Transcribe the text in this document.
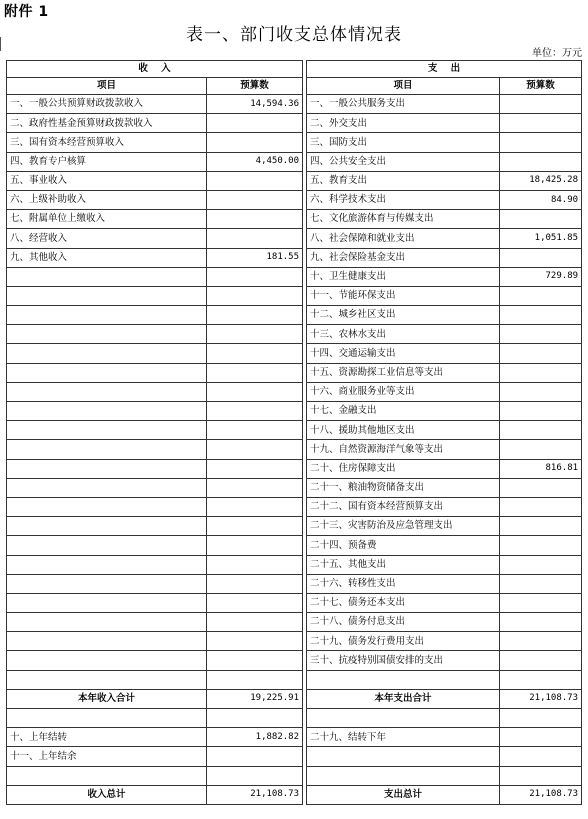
附件 1
表一、部门收支总体情况表
单位：万元
收    入			支    出	
项目	预算数		项目	预算数
一、一般公共预算财政拨款收入	14,594.36		一、一般公共服务支出	
二、政府性基金预算财政拨款收入			二、外交支出	
三、国有资本经营预算收入			三、国防支出	
四、教育专户核算	4,450.00		四、公共安全支出	
五、事业收入			五、教育支出	18,425.28
六、上级补助收入			六、科学技术支出	84.90
七、附属单位上缴收入			七、文化旅游体育与传媒支出	
八、经营收入			八、社会保障和就业支出	1,051.85
九、其他收入	181.55		九、社会保险基金支出	
			十、卫生健康支出	729.89
			十一、节能环保支出	
			十二、城乡社区支出	
			十三、农林水支出	
			十四、交通运输支出	
			十五、资源勘探工业信息等支出	
			十六、商业服务业等支出	
			十七、金融支出	
			十八、援助其他地区支出	
			十九、自然资源海洋气象等支出	
			二十、住房保障支出	816.81
			二十一、粮油物资储备支出	
			二十二、国有资本经营预算支出	
			二十三、灾害防治及应急管理支出	
			二十四、预备费	
			二十五、其他支出	
			二十六、转移性支出	
			二十七、债务还本支出	
			二十八、债务付息支出	
			二十九、债务发行费用支出	
			三十、抗疫特别国债安排的支出	

本年收入合计	19,225.91		本年支出合计	21,108.73

十、上年结转	1,882.82		二十九、结转下年	
十一、上年结余				

收入总计	21,108.73		支出总计	21,108.73
